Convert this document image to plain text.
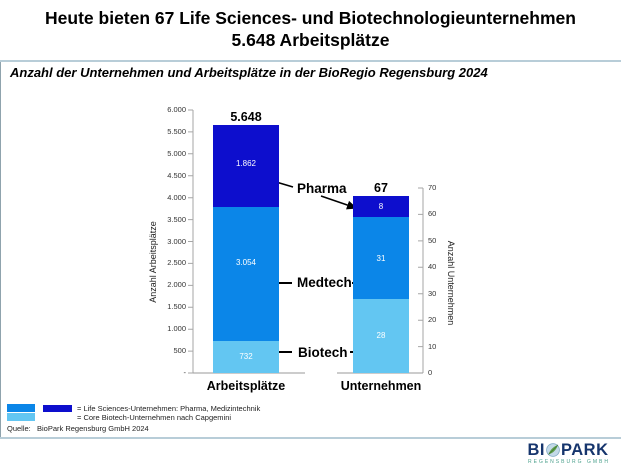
Heute bieten 67 Life Sciences- und Biotechnologieunternehmen
5.648 Arbeitsplätze
Anzahl der Unternehmen und Arbeitsplätze in der BioRegio Regensburg 2024
6.000
5.500
5.000
4.500
4.000
3.500
3.000
2.500
2.000
1.500
1.000
500
-
70
60
50
40
30
20
10
0
Anzahl Arbeitsplätze	Anzahl Unternehmen
5.648
1.862
3.054
732
67
8
31
28
Arbeitsplätze	Unternehmen
Pharma
Medtech
Biotech
= Life Sciences-Unternehmen: Pharma, Medizintechnik
= Core Biotech-Unternehmen nach Capgemini
Quelle: BioPark Regensburg GmbH 2024
BI PARK
REGENSBURG GMBH
